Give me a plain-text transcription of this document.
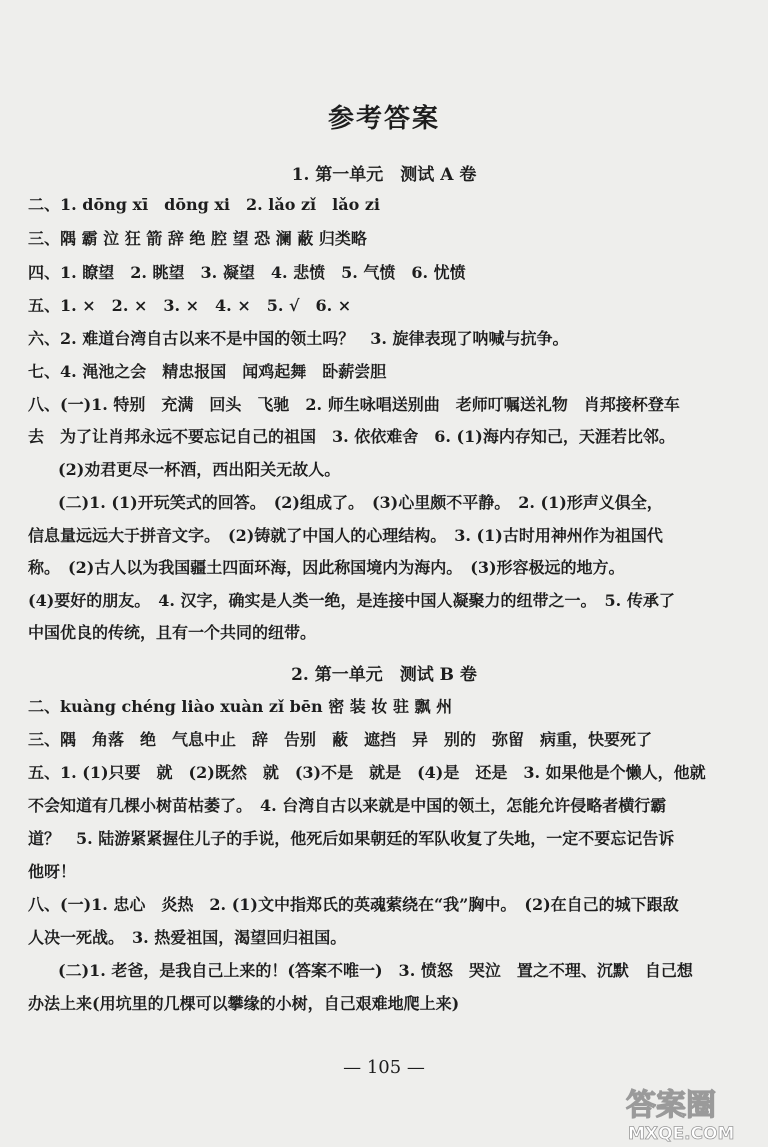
参考答案
1. 第一单元　测试 A 卷
二、1. dōng xī　dōng xi　2. lǎo zǐ　lǎo zi
三、隅 霸 泣 狂 箭 辞 绝 腔 望 恐 澜 蔽 归类略
四、1. 瞭望　2. 眺望　3. 凝望　4. 悲愤　5. 气愤　6. 忧愤
五、1. ×　2. ×　3. ×　4. ×　5. √　6. ×
六、2. 难道台湾自古以来不是中国的领土吗？　3. 旋律表现了呐喊与抗争。
七、4. 渑池之会　精忠报国　闻鸡起舞　卧薪尝胆
八、(一)1. 特别　充满　回头　飞驰　2. 师生咏唱送别曲　老师叮嘱送礼物　肖邦接杯登车
去　为了让肖邦永远不要忘记自己的祖国　3. 依依难舍　6. (1)海内存知己，天涯若比邻。
(2)劝君更尽一杯酒，西出阳关无故人。
(二)1. (1)开玩笑式的回答。　(2)组成了。　(3)心里颇不平静。　2. (1)形声义俱全，
信息量远远大于拼音文字。　(2)铸就了中国人的心理结构。　3. (1)古时用神州作为祖国代
称。　(2)古人以为我国疆土四面环海，因此称国境内为海内。　(3)形容极远的地方。
(4)要好的朋友。　4. 汉字，确实是人类一绝，是连接中国人凝聚力的纽带之一。　5. 传承了
中国优良的传统，且有一个共同的纽带。
2. 第一单元　测试 B 卷
二、kuàng chéng liào xuàn zǐ bēn 密 装 妆 驻 飘 州
三、隅　角落　绝　气息中止　辞　告别　蔽　遮挡　异　别的　弥留　病重，快要死了
五、1. (1)只要　就　(2)既然　就　(3)不是　就是　(4)是　还是　3. 如果他是个懒人，他就
不会知道有几棵小树苗枯萎了。　4. 台湾自古以来就是中国的领土，怎能允许侵略者横行霸
道？　5. 陆游紧紧握住儿子的手说，他死后如果朝廷的军队收复了失地，一定不要忘记告诉
他呀！
八、(一)1. 忠心　炎热　2. (1)文中指郑氏的英魂萦绕在“我”胸中。　(2)在自己的城下跟敌
人决一死战。　3. 热爱祖国，渴望回归祖国。
(二)1. 老爸，是我自己上来的！(答案不唯一)　3. 愤怒　哭泣　置之不理、沉默　自己想
办法上来(用坑里的几棵可以攀缘的小树，自己艰难地爬上来)
— 105 —
答案圈
MXQE.COM
